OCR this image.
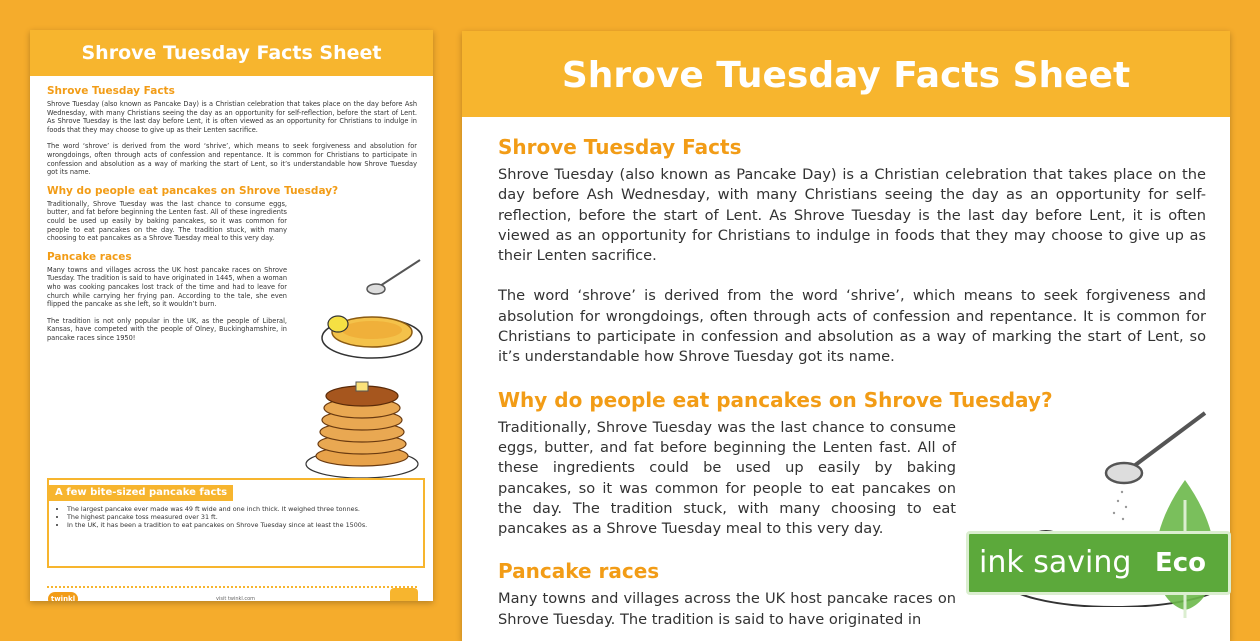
Shrove Tuesday Facts Sheet
Shrove Tuesday Facts

Shrove Tuesday (also known as Pancake Day) is a Christian celebration that takes place on the day before Ash Wednesday, with many Christians seeing the day as an opportunity for self-reflection, before the start of Lent. As Shrove Tuesday is the last day before Lent, it is often viewed as an opportunity for Christians to indulge in foods that they may choose to give up as their Lenten sacrifice.

The word ‘shrove’ is derived from the word ‘shrive’, which means to seek forgiveness and absolution for wrongdoings, often through acts of confession and repentance. It is common for Christians to participate in confession and absolution as a way of marking the start of Lent, so it’s understandable how Shrove Tuesday got its name.

Why do people eat pancakes on Shrove Tuesday?

Traditionally, Shrove Tuesday was the last chance to consume eggs, butter, and fat before beginning the Lenten fast. All of these ingredients could be used up easily by baking pancakes, so it was common for people to eat pancakes on the day. The tradition stuck, with many choosing to eat pancakes as a Shrove Tuesday meal to this very day.

Pancake races

Many towns and villages across the UK host pancake races on Shrove Tuesday. The tradition is said to have originated in 1445, when a woman who was cooking pancakes lost track of the time and had to leave for church while carrying her frying pan. According to the tale, she even flipped the pancake as she left, so it wouldn’t burn.

The tradition is not only popular in the UK, as the people of Liberal, Kansas, have competed with the people of Olney, Buckinghamshire, in pancake races since 1950!

A few bite-sized pancake facts
• The largest pancake ever made was 49 ft wide and one inch thick. It weighed three tonnes.
• The highest pancake toss measured over 31 ft.
• In the UK, it has been a tradition to eat pancakes on Shrove Tuesday since at least the 1500s.
twinkl	visit twinkl.com
Shrove Tuesday Facts Sheet
Shrove Tuesday Facts

Shrove Tuesday (also known as Pancake Day) is a Christian celebration that takes place on the day before Ash Wednesday, with many Christians seeing the day as an opportunity for self-reflection, before the start of Lent. As Shrove Tuesday is the last day before Lent, it is often viewed as an opportunity for Christians to indulge in foods that they may choose to give up as their Lenten sacrifice.

The word ‘shrove’ is derived from the word ‘shrive’, which means to seek forgiveness and absolution for wrongdoings, often through acts of confession and repentance. It is common for Christians to participate in confession and absolution as a way of marking the start of Lent, so it’s understandable how Shrove Tuesday got its name.

Why do people eat pancakes on Shrove Tuesday?

Traditionally, Shrove Tuesday was the last chance to consume eggs, butter, and fat before beginning the Lenten fast. All of these ingredients could be used up easily by baking pancakes, so it was common for people to eat pancakes on the day. The tradition stuck, with many choosing to eat pancakes as a Shrove Tuesday meal to this very day.

Pancake races

Many towns and villages across the UK host pancake races on Shrove Tuesday. The tradition is said to have originated in

ink saving Eco
